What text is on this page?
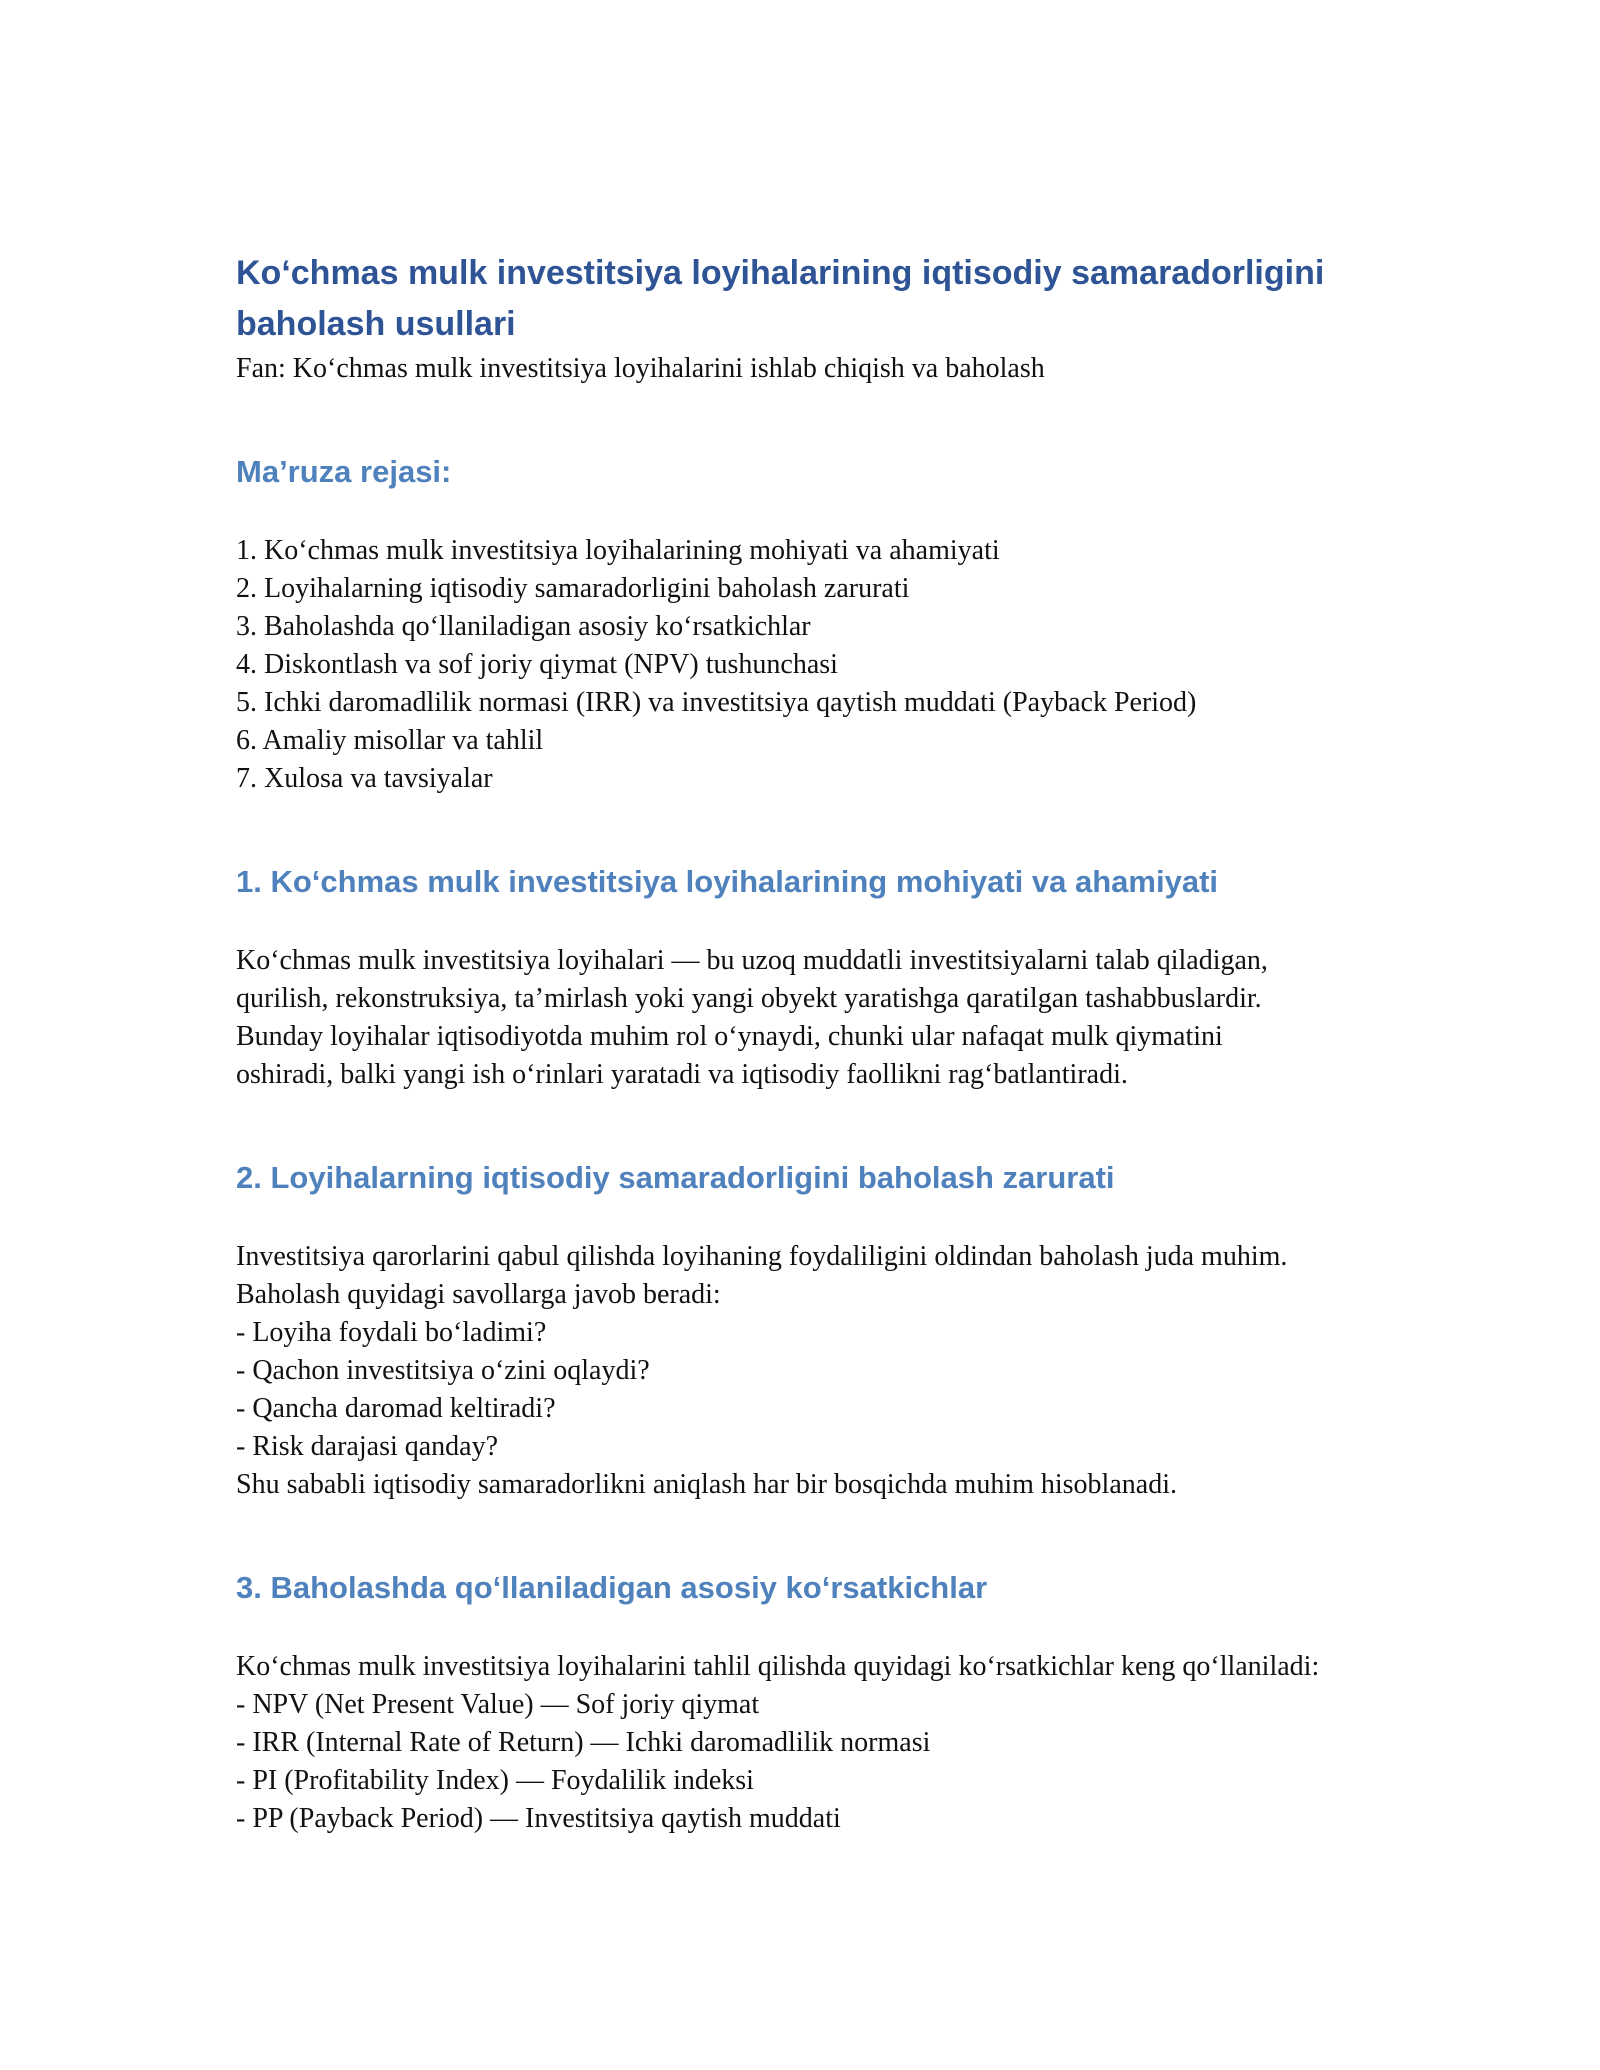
Ko‘chmas mulk investitsiya loyihalarining iqtisodiy samaradorligini
baholash usullari

Fan: Ko‘chmas mulk investitsiya loyihalarini ishlab chiqish va baholash

Ma’ruza rejasi:
1. Ko‘chmas mulk investitsiya loyihalarining mohiyati va ahamiyati
2. Loyihalarning iqtisodiy samaradorligini baholash zarurati
3. Baholashda qo‘llaniladigan asosiy ko‘rsatkichlar
4. Diskontlash va sof joriy qiymat (NPV) tushunchasi
5. Ichki daromadlilik normasi (IRR) va investitsiya qaytish muddati (Payback Period)
6. Amaliy misollar va tahlil
7. Xulosa va tavsiyalar
1. Ko‘chmas mulk investitsiya loyihalarining mohiyati va ahamiyati
Ko‘chmas mulk investitsiya loyihalari — bu uzoq muddatli investitsiyalarni talab qiladigan,
qurilish, rekonstruksiya, ta’mirlash yoki yangi obyekt yaratishga qaratilgan tashabbuslardir.
Bunday loyihalar iqtisodiyotda muhim rol o‘ynaydi, chunki ular nafaqat mulk qiymatini
oshiradi, balki yangi ish o‘rinlari yaratadi va iqtisodiy faollikni rag‘batlantiradi.
2. Loyihalarning iqtisodiy samaradorligini baholash zarurati
Investitsiya qarorlarini qabul qilishda loyihaning foydaliligini oldindan baholash juda muhim.
Baholash quyidagi savollarga javob beradi:
- Loyiha foydali bo‘ladimi?
- Qachon investitsiya o‘zini oqlaydi?
- Qancha daromad keltiradi?
- Risk darajasi qanday?
Shu sababli iqtisodiy samaradorlikni aniqlash har bir bosqichda muhim hisoblanadi.
3. Baholashda qo‘llaniladigan asosiy ko‘rsatkichlar
Ko‘chmas mulk investitsiya loyihalarini tahlil qilishda quyidagi ko‘rsatkichlar keng qo‘llaniladi:
- NPV (Net Present Value) — Sof joriy qiymat
- IRR (Internal Rate of Return) — Ichki daromadlilik normasi
- PI (Profitability Index) — Foydalilik indeksi
- PP (Payback Period) — Investitsiya qaytish muddati
